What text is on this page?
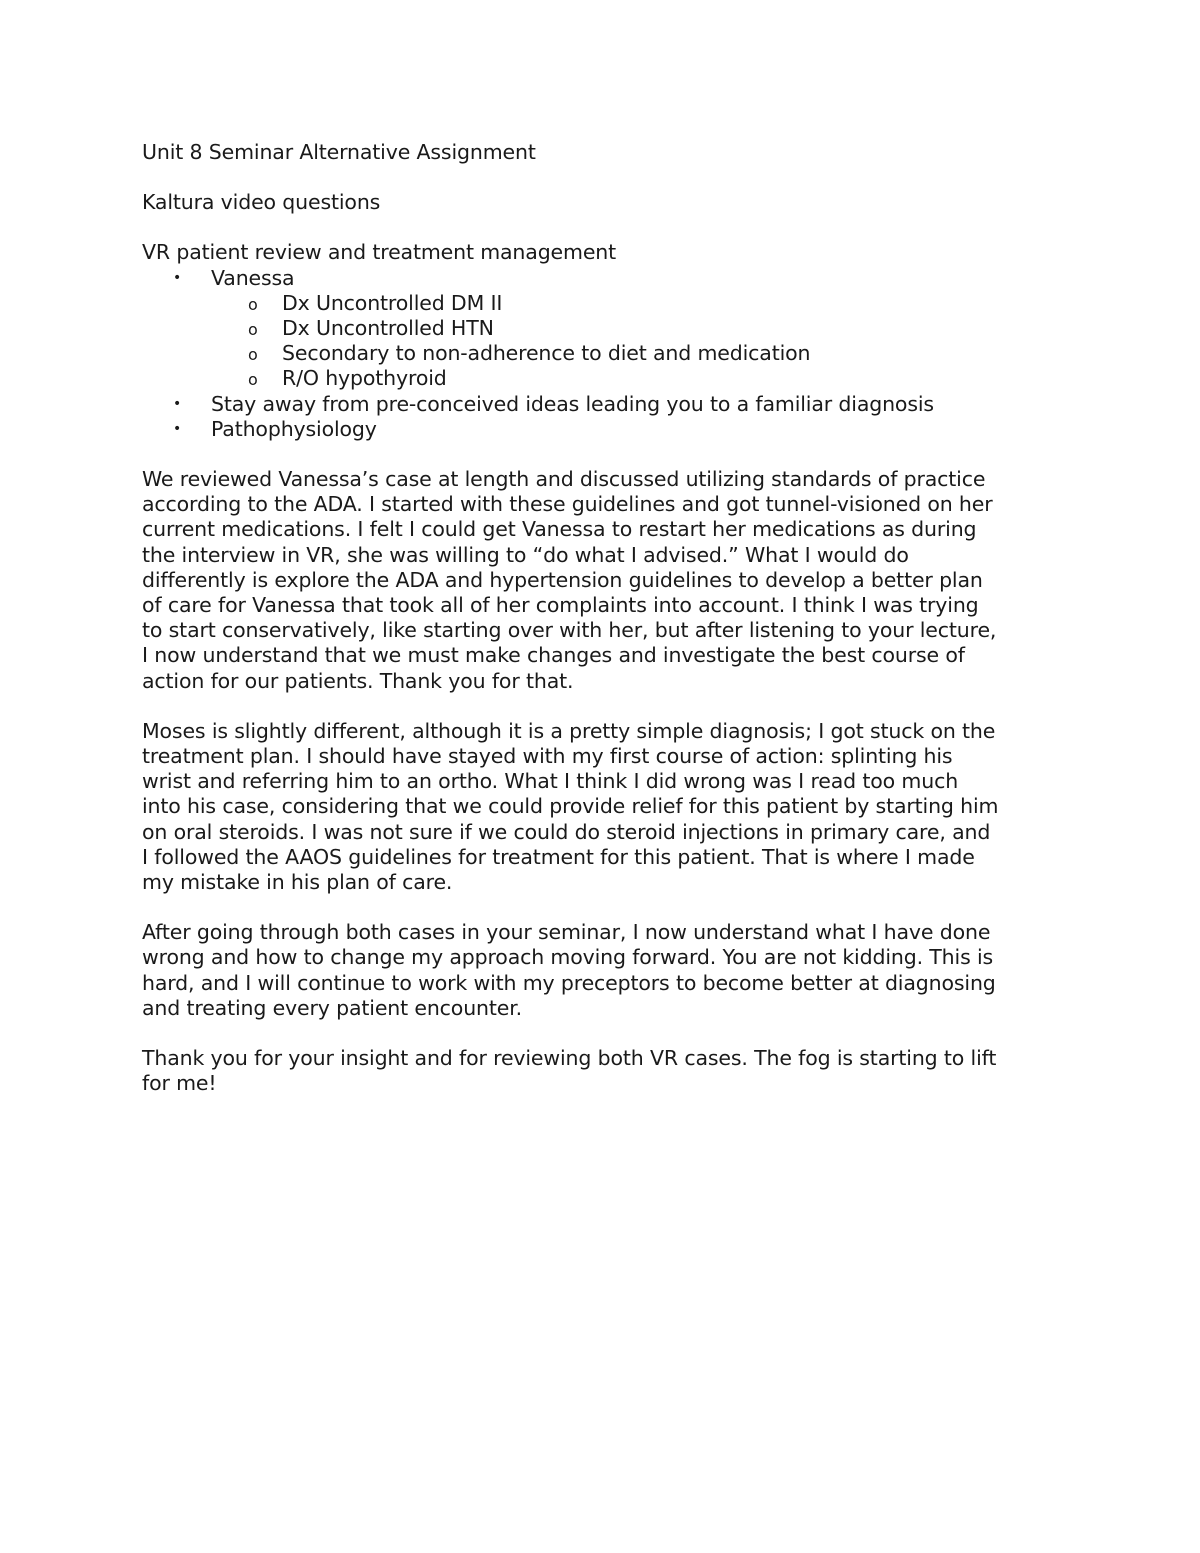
Unit 8 Seminar Alternative Assignment

Kaltura video questions

VR patient review and treatment management

• Vanessa
o Dx Uncontrolled DM II
o Dx Uncontrolled HTN
o Secondary to non-adherence to diet and medication
o R/O hypothyroid
• Stay away from pre-conceived ideas leading you to a familiar diagnosis
• Pathophysiology

We reviewed Vanessa’s case at length and discussed utilizing standards of practice
according to the ADA. I started with these guidelines and got tunnel-visioned on her
current medications. I felt I could get Vanessa to restart her medications as during
the interview in VR, she was willing to “do what I advised.” What I would do
differently is explore the ADA and hypertension guidelines to develop a better plan
of care for Vanessa that took all of her complaints into account. I think I was trying
to start conservatively, like starting over with her, but after listening to your lecture,
I now understand that we must make changes and investigate the best course of
action for our patients. Thank you for that.

Moses is slightly different, although it is a pretty simple diagnosis; I got stuck on the
treatment plan. I should have stayed with my first course of action: splinting his
wrist and referring him to an ortho. What I think I did wrong was I read too much
into his case, considering that we could provide relief for this patient by starting him
on oral steroids. I was not sure if we could do steroid injections in primary care, and
I followed the AAOS guidelines for treatment for this patient. That is where I made
my mistake in his plan of care.

After going through both cases in your seminar, I now understand what I have done
wrong and how to change my approach moving forward. You are not kidding. This is
hard, and I will continue to work with my preceptors to become better at diagnosing
and treating every patient encounter.

Thank you for your insight and for reviewing both VR cases. The fog is starting to lift
for me!
